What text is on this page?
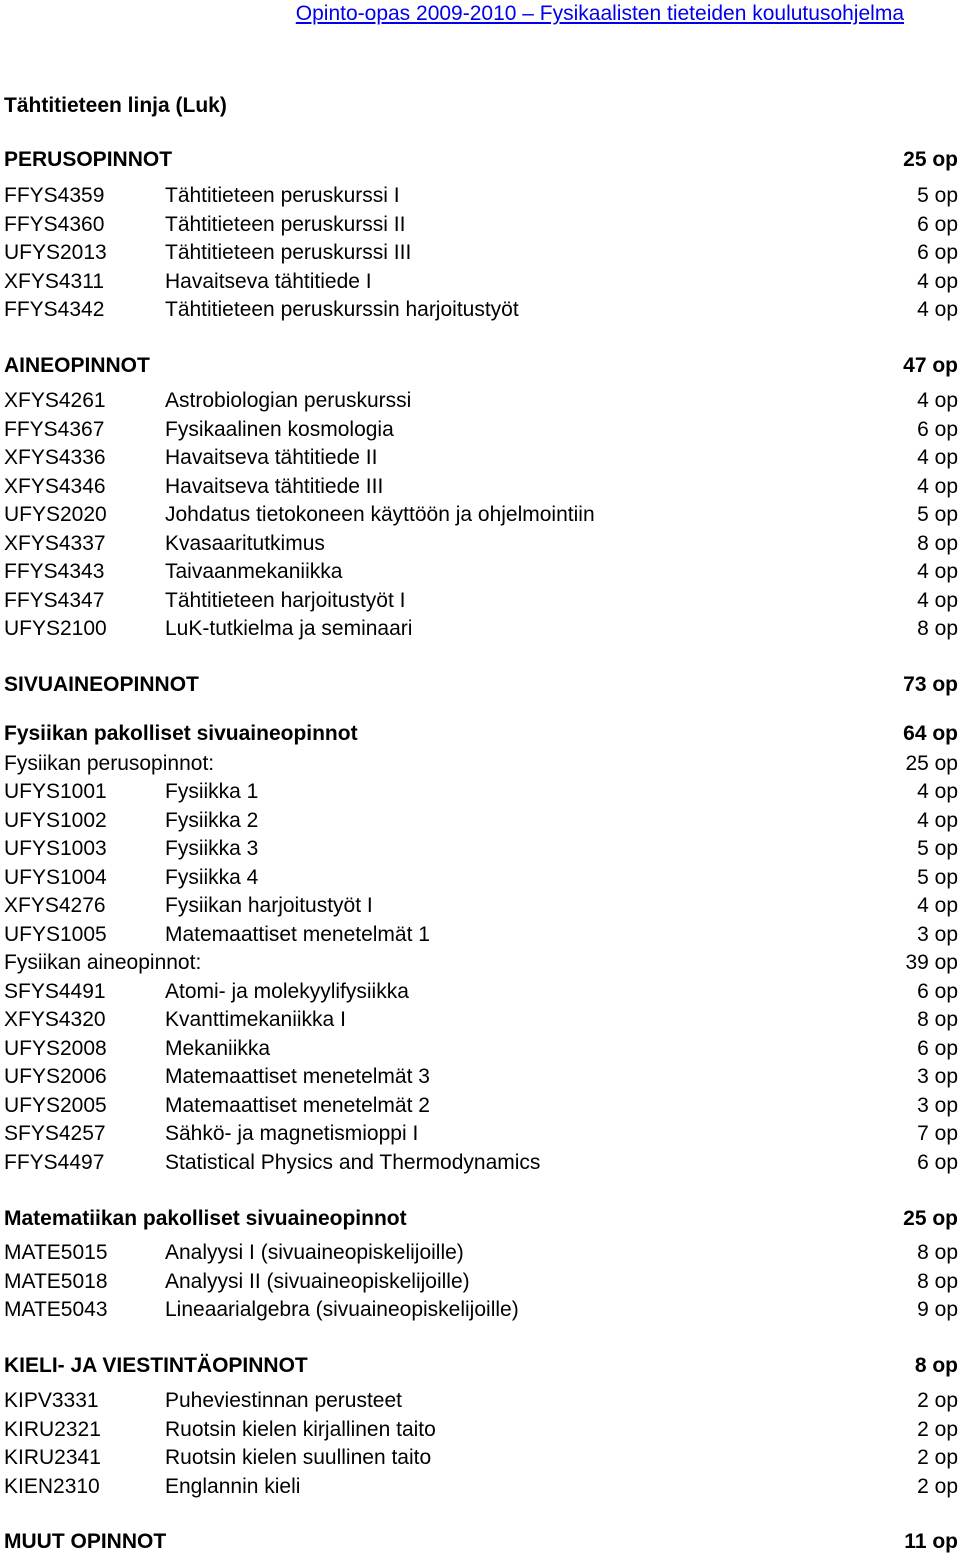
Opinto-opas 2009-2010 – Fysikaalisten tieteiden koulutusohjelma
Tähtitieteen linja (Luk)
PERUSOPINNOT	25 op
FFYS4359	Tähtitieteen peruskurssi I	5 op
FFYS4360	Tähtitieteen peruskurssi II	6 op
UFYS2013	Tähtitieteen peruskurssi III	6 op
XFYS4311	Havaitseva tähtitiede I	4 op
FFYS4342	Tähtitieteen peruskurssin harjoitustyöt	4 op
AINEOPINNOT	47 op
XFYS4261	Astrobiologian peruskurssi	4 op
FFYS4367	Fysikaalinen kosmologia	6 op
XFYS4336	Havaitseva tähtitiede II	4 op
XFYS4346	Havaitseva tähtitiede III	4 op
UFYS2020	Johdatus tietokoneen käyttöön ja ohjelmointiin	5 op
XFYS4337	Kvasaaritutkimus	8 op
FFYS4343	Taivaanmekaniikka	4 op
FFYS4347	Tähtitieteen harjoitustyöt I	4 op
UFYS2100	LuK-tutkielma ja seminaari	8 op
SIVUAINEOPINNOT	73 op
Fysiikan pakolliset sivuaineopinnot	64 op
Fysiikan perusopinnot:	25 op
UFYS1001	Fysiikka 1	4 op
UFYS1002	Fysiikka 2	4 op
UFYS1003	Fysiikka 3	5 op
UFYS1004	Fysiikka 4	5 op
XFYS4276	Fysiikan harjoitustyöt I	4 op
UFYS1005	Matemaattiset menetelmät 1	3 op
Fysiikan aineopinnot:	39 op
SFYS4491	Atomi- ja molekyylifysiikka	6 op
XFYS4320	Kvanttimekaniikka I	8 op
UFYS2008	Mekaniikka	6 op
UFYS2006	Matemaattiset menetelmät 3	3 op
UFYS2005	Matemaattiset menetelmät 2	3 op
SFYS4257	Sähkö- ja magnetismioppi I	7 op
FFYS4497	Statistical Physics and Thermodynamics	6 op
Matematiikan pakolliset sivuaineopinnot	25 op
MATE5015	Analyysi I (sivuaineopiskelijoille)	8 op
MATE5018	Analyysi II (sivuaineopiskelijoille)	8 op
MATE5043	Lineaarialgebra (sivuaineopiskelijoille)	9 op
KIELI- JA VIESTINTÄOPINNOT	8 op
KIPV3331	Puheviestinnan perusteet	2 op
KIRU2321	Ruotsin kielen kirjallinen taito	2 op
KIRU2341	Ruotsin kielen suullinen taito	2 op
KIEN2310	Englannin kieli	2 op
MUUT OPINNOT	11 op
